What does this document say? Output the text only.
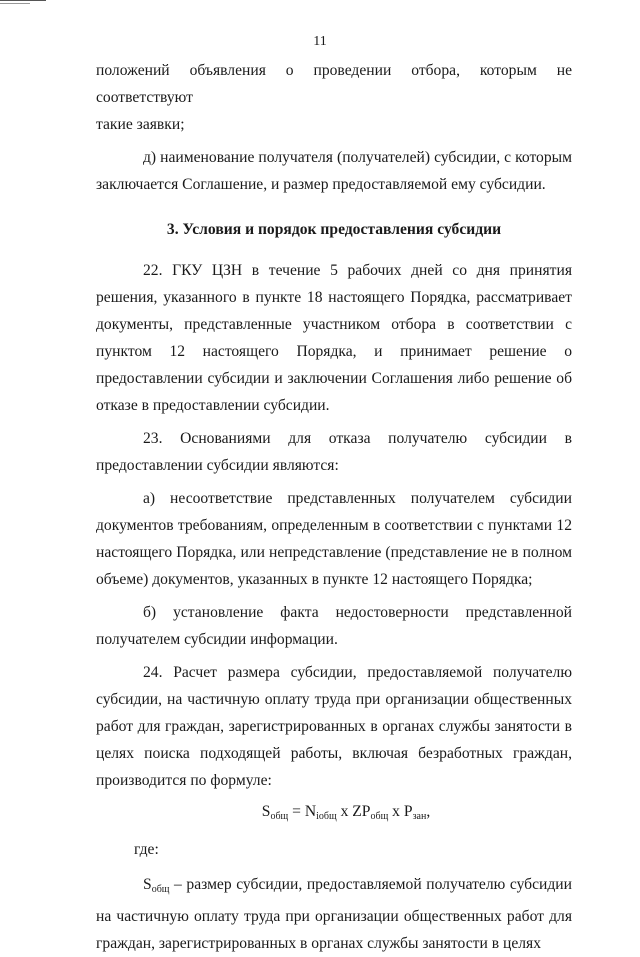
11

положений объявления о проведении отбора, которым не соответствуют

такие заявки;

д) наименование получателя (получателей) субсидии, с которым заключается Соглашение, и размер предоставляемой ему субсидии.

3. Условия и порядок предоставления субсидии

22. ГКУ ЦЗН в течение 5 рабочих дней со дня принятия решения, указанного в пункте 18 настоящего Порядка, рассматривает документы, представленные участником отбора в соответствии с пунктом 12 настоящего Порядка, и принимает решение о предоставлении субсидии и заключении Соглашения либо решение об отказе в предоставлении субсидии.

23. Основаниями для отказа получателю субсидии в предоставлении субсидии являются:

а) несоответствие представленных получателем субсидии документов требованиям, определенным в соответствии с пунктами 12 настоящего Порядка, или непредставление (представление не в полном объеме) документов, указанных в пункте 12 настоящего Порядка;

б) установление факта недостоверности представленной получателем субсидии информации.

24. Расчет размера субсидии, предоставляемой получателю субсидии, на частичную оплату труда при организации общественных работ для граждан, зарегистрированных в органах службы занятости в целях поиска подходящей работы, включая безработных граждан, производится по формуле:

$S_{общ} = N_{iобщ}$ x $ZP_{общ}$ x $P_{зан}$,
где:

$S_{общ}$ – размер субсидии, предоставляемой получателю субсидии на частичную оплату труда при организации общественных работ для граждан, зарегистрированных в органах службы занятости в целях
